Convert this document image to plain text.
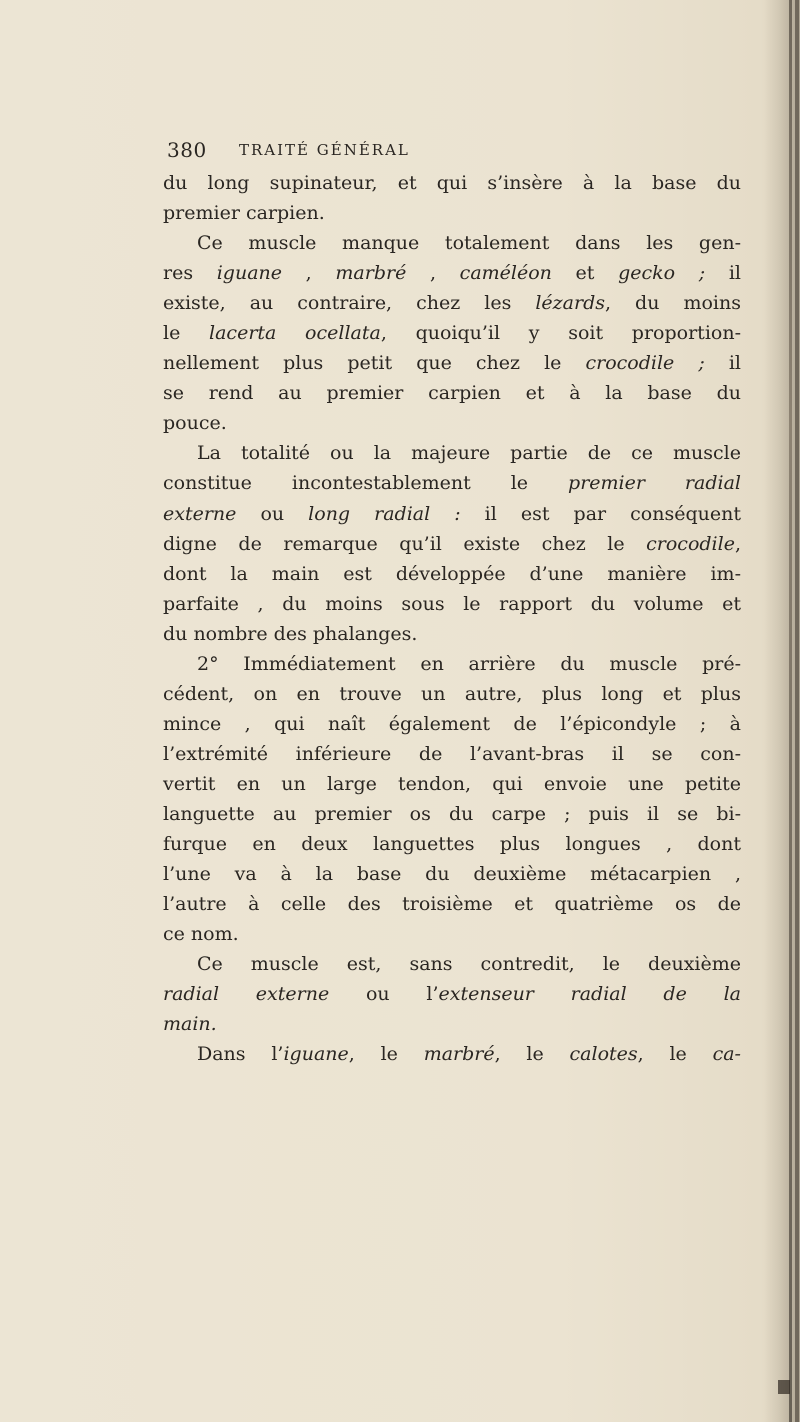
380 TRAITÉ GÉNÉRAL
du long supinateur, et qui s’insère à la base du
premier carpien.
Ce muscle manque totalement dans les gen-
res iguane , marbré , caméléon et gecko ; il
existe, au contraire, chez les lézards, du moins
le lacerta ocellata, quoiqu’il y soit proportion-
nellement plus petit que chez le crocodile ; il
se rend au premier carpien et à la base du
pouce.
La totalité ou la majeure partie de ce muscle
constitue incontestablement le premier radial
externe ou long radial : il est par conséquent
digne de remarque qu’il existe chez le crocodile,
dont la main est développée d’une manière im-
parfaite , du moins sous le rapport du volume et
du nombre des phalanges.
2° Immédiatement en arrière du muscle pré-
cédent, on en trouve un autre, plus long et plus
mince , qui naît également de l’épicondyle ; à
l’extrémité inférieure de l’avant-bras il se con-
vertit en un large tendon, qui envoie une petite
languette au premier os du carpe ; puis il se bi-
furque en deux languettes plus longues , dont
l’une va à la base du deuxième métacarpien ,
l’autre à celle des troisième et quatrième os de
ce nom.
Ce muscle est, sans contredit, le deuxième
radial externe ou l’extenseur radial de la
main.
Dans l’iguane, le marbré, le calotes, le ca-
